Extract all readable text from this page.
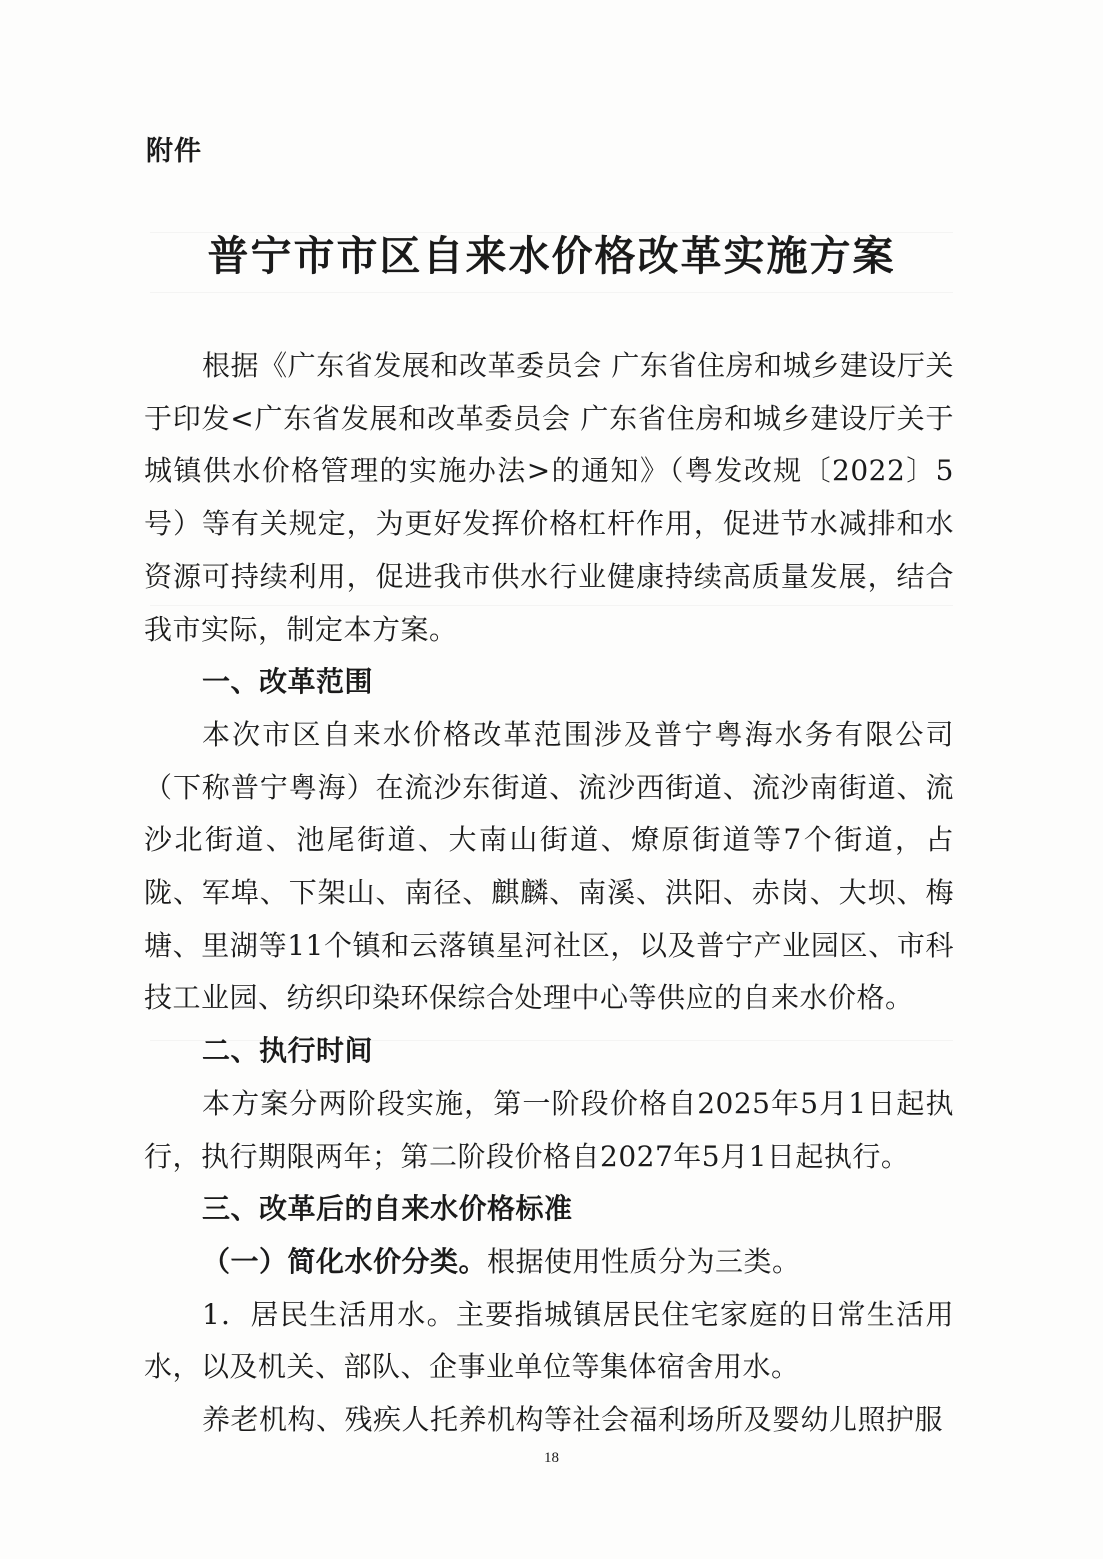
附件
普宁市市区自来水价格改革实施方案

根据《广东省发展和改革委员会 广东省住房和城乡建设厅关于印发<广东省发展和改革委员会 广东省住房和城乡建设厅关于城镇供水价格管理的实施办法>的通知》（粤发改规〔2022〕5号）等有关规定，为更好发挥价格杠杆作用，促进节水减排和水资源可持续利用，促进我市供水行业健康持续高质量发展，结合我市实际，制定本方案。

一、改革范围

本次市区自来水价格改革范围涉及普宁粤海水务有限公司（下称普宁粤海）在流沙东街道、流沙西街道、流沙南街道、流沙北街道、池尾街道、大南山街道、燎原街道等7个街道，占陇、军埠、下架山、南径、麒麟、南溪、洪阳、赤岗、大坝、梅塘、里湖等11个镇和云落镇星河社区，以及普宁产业园区、市科技工业园、纺织印染环保综合处理中心等供应的自来水价格。

二、执行时间

本方案分两阶段实施，第一阶段价格自2025年5月1日起执行，执行期限两年；第二阶段价格自2027年5月1日起执行。

三、改革后的自来水价格标准

（一）简化水价分类。根据使用性质分为三类。

1．居民生活用水。主要指城镇居民住宅家庭的日常生活用水，以及机关、部队、企事业单位等集体宿舍用水。

养老机构、残疾人托养机构等社会福利场所及婴幼儿照护服

18
